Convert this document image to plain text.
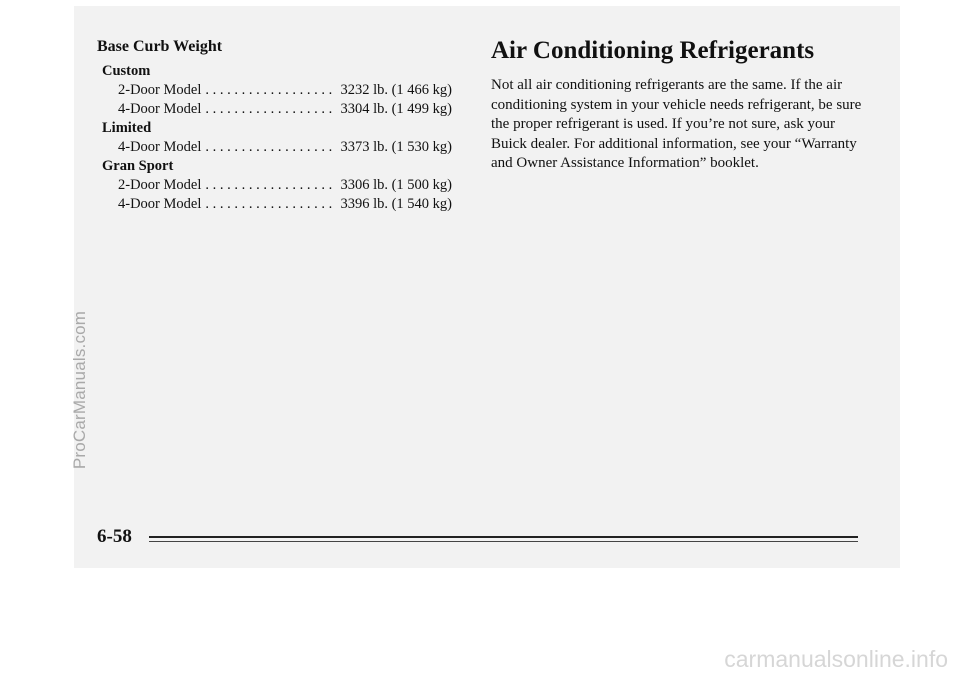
Base Curb Weight
Custom
2-Door Model . . .	3232 lb. (1 466 kg)
4-Door Model . . .	3304 lb. (1 499 kg)
Limited
4-Door Model . . .	3373 lb. (1 530 kg)
Gran Sport
2-Door Model . . .	3306 lb. (1 500 kg)
4-Door Model . . .	3396 lb. (1 540 kg)
Air Conditioning Refrigerants

Not all air conditioning refrigerants are the same. If the air conditioning system in your vehicle needs refrigerant, be sure the proper refrigerant is used. If you’re not sure, ask your Buick dealer. For additional information, see your “Warranty and Owner Assistance Information” booklet.

6-58
ProCarManuals.com
carmanualsonline.info
